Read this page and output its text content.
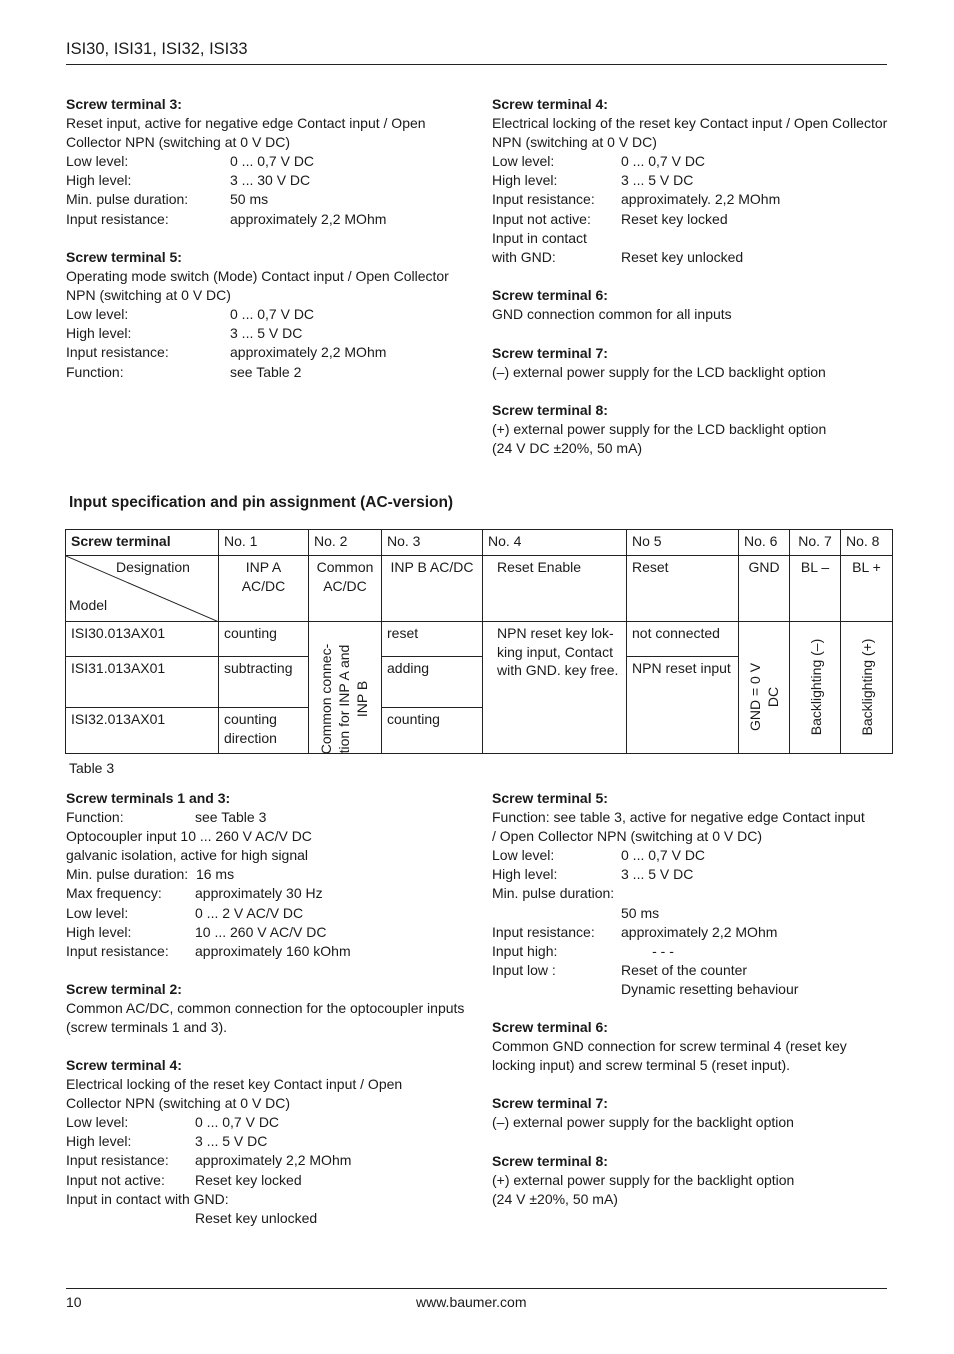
ISI30, ISI31, ISI32, ISI33
Screw terminal 3:
Reset input, active for negative edge Contact input / Open
Collector NPN (switching at 0 V DC)
Low level:	0 ... 0,7 V DC
High level:	3 ... 30 V DC
Min. pulse duration:	50 ms
Input resistance:	approximately 2,2 MOhm
Screw terminal 5:
Operating mode switch (Mode) Contact input / Open Collector
NPN (switching at 0 V DC)
Low level:	0 ... 0,7 V DC
High level:	3 ... 5 V DC
Input resistance:	approximately 2,2 MOhm
Function:	see Table 2
Screw terminal 4:
Electrical locking of the reset key Contact input / Open Collector
NPN (switching at 0 V DC)
Low level:	0 ... 0,7 V DC
High level:	3 ... 5 V DC
Input resistance:	approximately. 2,2 MOhm
Input not active:	Reset key locked
Input in contact
with GND:	Reset key unlocked
Screw terminal 6:
GND connection common for all inputs
Screw terminal 7:
(–) external power supply for the LCD backlight option
Screw terminal 8:
(+) external power supply for the LCD backlight option
(24 V DC ±20%, 50 mA)
Input specification and pin assignment (AC-version)
Screw terminal	No. 1	No. 2	No. 3	No. 4	No 5	No. 6	No. 7	No. 8

Designation
Model	INP A AC/DC	Common AC/DC	INP B AC/DC	Reset Enable	Reset	GND	BL –	BL +
ISI30.013AX01	counting	Common connec-tion for INP A and INP B	reset	NPN reset key lok-king input, Contact with GND. key free.	not connected	GND = 0 V DC	Backlighting (–)	Backlighting (+)

ISI31.013AX01	subtracting		adding		NPN reset input			
ISI32.013AX01	counting direction		counting					
Table 3
Screw terminals 1 and 3:
Function:	see Table 3
Optocoupler input 10 ... 260 V AC/V DC
galvanic isolation, active for high signal
Min. pulse duration:  16 ms
Max frequency:	approximately 30 Hz
Low level:	0 ... 2 V AC/V DC
High level:	10 ... 260 V AC/V DC
Input resistance:	approximately 160 kOhm
Screw terminal 2:
Common AC/DC, common connection for the optocoupler inputs
(screw terminals 1 and 3).
Screw terminal 4:
Electrical locking of the reset key Contact input / Open
Collector NPN (switching at 0 V DC)
Low level:	0 ... 0,7 V DC
High level:	3 ... 5 V DC
Input resistance:	approximately 2,2 MOhm
Input not active:	Reset key locked
Input in contact with GND:
Reset key unlocked
Screw terminal 5:
Function: see table 3, active for negative edge Contact input
/ Open Collector NPN (switching at 0 V DC)
Low level:	0 ... 0,7 V DC
High level:	3 ... 5 V DC
Min. pulse duration:
50 ms
Input resistance:	approximately 2,2 MOhm
Input high:	- - -
Input low :	Reset of the counter
Dynamic resetting behaviour
Screw terminal 6:
Common GND connection for screw terminal 4 (reset key
locking input) and screw terminal 5 (reset input).
Screw terminal 7:
(–) external power supply for the backlight option
Screw terminal 8:
(+) external power supply for the backlight option
(24 V ±20%, 50 mA)
10	www.baumer.com
